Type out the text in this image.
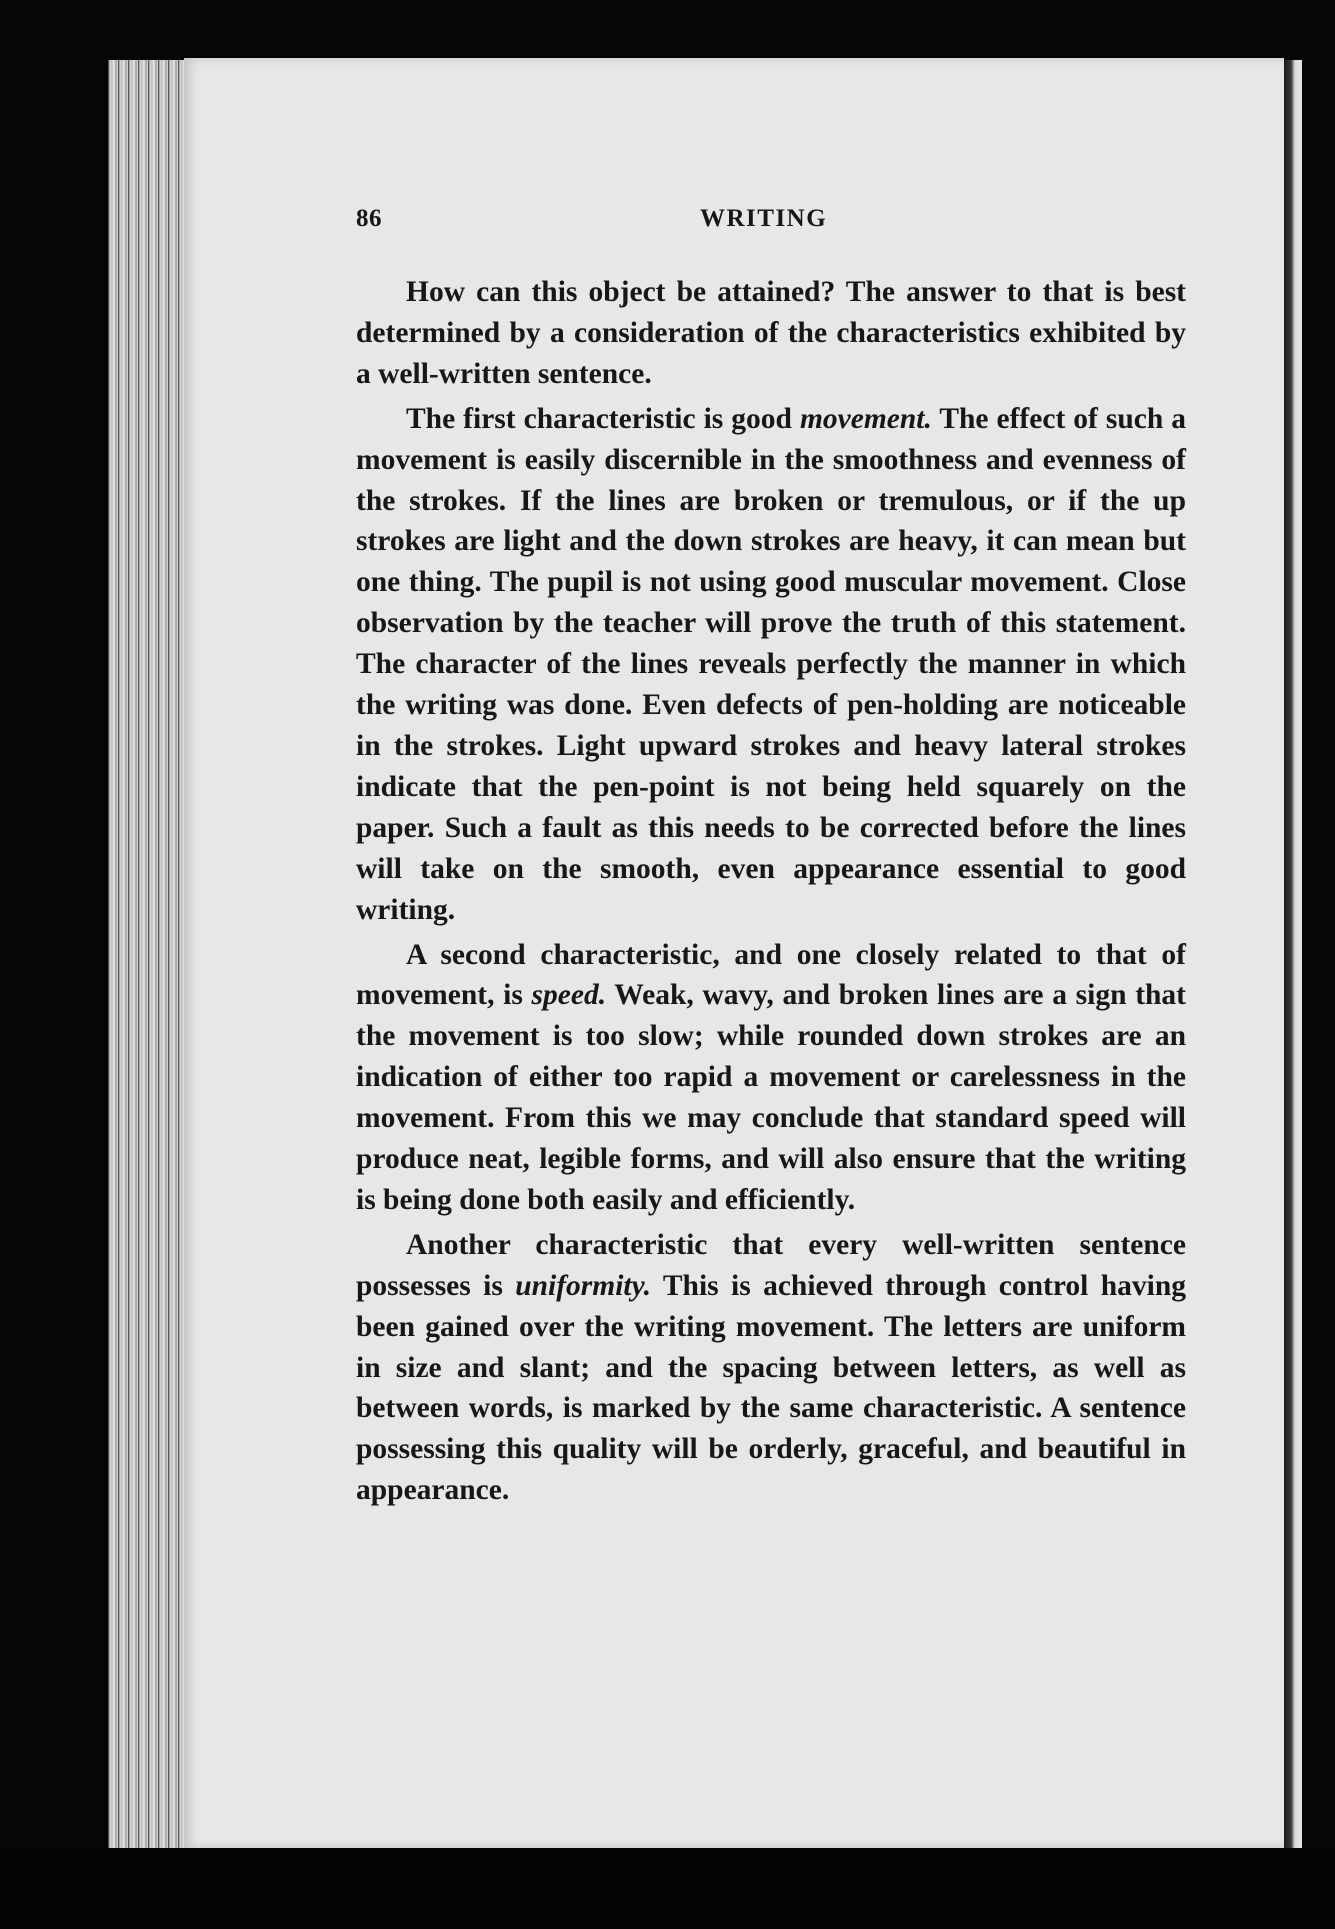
86	WRITING

How can this object be attained? The answer to that is best determined by a consideration of the characteristics exhibited by a well-written sentence.

The first characteristic is good movement. The effect of such a movement is easily discernible in the smoothness and evenness of the strokes. If the lines are broken or tremulous, or if the up strokes are light and the down strokes are heavy, it can mean but one thing. The pupil is not using good muscular movement. Close observation by the teacher will prove the truth of this statement. The character of the lines reveals perfectly the manner in which the writing was done. Even defects of pen-holding are noticeable in the strokes. Light upward strokes and heavy lateral strokes indicate that the pen-point is not being held squarely on the paper. Such a fault as this needs to be corrected before the lines will take on the smooth, even appearance essential to good writing.

A second characteristic, and one closely related to that of movement, is speed. Weak, wavy, and broken lines are a sign that the movement is too slow; while rounded down strokes are an indication of either too rapid a movement or carelessness in the movement. From this we may conclude that standard speed will produce neat, legible forms, and will also ensure that the writing is being done both easily and efficiently.

Another characteristic that every well-written sentence possesses is uniformity. This is achieved through control having been gained over the writing movement. The letters are uniform in size and slant; and the spacing between letters, as well as between words, is marked by the same characteristic. A sentence possessing this quality will be orderly, graceful, and beautiful in appearance.
